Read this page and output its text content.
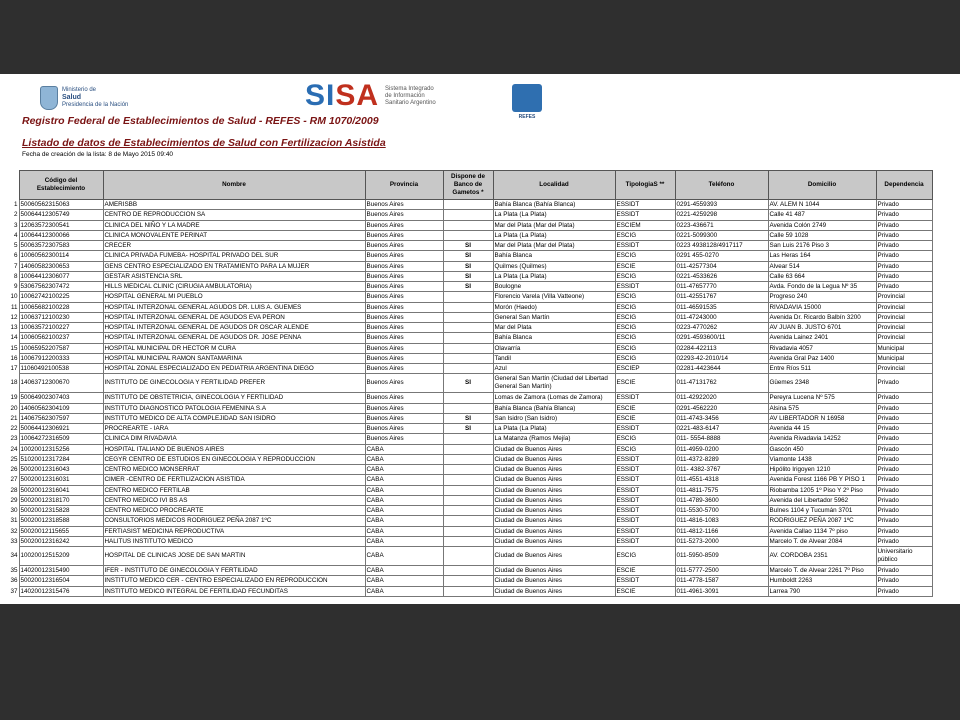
Ministerio de
Salud
Presidencia de la Nación	SISA Sistema Integrado
de Información
Sanitario Argentino
REFES
Registro Federal de Establecimientos de Salud - REFES - RM 1070/2009
Listado de datos de Establecimientos de Salud con Fertilizacion Asistida
Fecha de creación de la lista: 8 de Mayo 2015 09:40
	Código del Establecimiento	Nombre	Provincia	Dispone de Banco de Gametos *	Localidad	TipologiaS **	Teléfono	Domicilio	Dependencia
1	50060562315063	AMERISBB	Buenos Aires		Bahía Blanca (Bahía Blanca)	ESSIDT	0291-4559393	AV. ALEM N 1044	Privado
2	50064412305749	CENTRO DE REPRODUCCION SA	Buenos Aires		La Plata (La Plata)	ESSIDT	0221-4259298	Calle 41 487	Privado
3	12063572300541	CLINICA DEL NIÑO Y LA MADRE	Buenos Aires		Mar del Plata (Mar del Plata)	ESCIEM	0223-436671	Avenida Colón 2749	Privado
4	10064412300066	CLINICA MONOVALENTE PERINAT	Buenos Aires		La Plata (La Plata)	ESCIG	0221-5099300	Calle 59 1028	Privado
5	50063572307583	CRECER	Buenos Aires	SI	Mar del Plata (Mar del Plata)	ESSIDT	0223 4938128/4917117	San Luis 2176 Piso 3	Privado
6	10060562300114	CLINICA PRIVADA FUMEBA- HOSPITAL PRIVADO DEL SUR	Buenos Aires	SI	Bahía Blanca	ESCIG	0291 455-0270	Las Heras 164	Privado
7	14060582300653	GENS CENTRO ESPECIALIZADO EN TRATAMIENTO PARA LA MUJER	Buenos Aires	SI	Quilmes (Quilmes)	ESCIE	011-42577304	Alvear 514	Privado
8	10064412306077	GESTAR ASISTENCIA SRL	Buenos Aires	SI	La Plata (La Plata)	ESCIG	0221-4533626	Calle 63 664	Privado
9	53067562307472	HILLS MEDICAL CLINIC (CIRUGIA AMBULATORIA)	Buenos Aires	SI	Boulogne	ESSIDT	011-47657770	Avda. Fondo de la Legua Nº 35	Privado
10	10062742100225	HOSPITAL GENERAL MI PUEBLO	Buenos Aires		Florencio Varela (Villa Vatteone)	ESCIG	011-42551767	Progreso 240	Provincial
11	10065682100228	HOSPITAL INTERZONAL GENERAL AGUDOS DR. LUIS A. GUEMES	Buenos Aires		Morón (Haedo)	ESCIG	011-46591535	RIVADAVIA 15000	Provincial
12	10063712100230	HOSPITAL INTERZONAL GENERAL DE AGUDOS EVA PERON	Buenos Aires		General San Martín	ESCIG	011-47243000	Avenida Dr. Ricardo Balbín 3200	Provincial
13	10063572100227	HOSPITAL INTERZONAL GENERAL DE AGUDOS DR OSCAR ALENDE	Buenos Aires		Mar del Plata	ESCIG	0223-4770262	AV JUAN B. JUSTO 6701	Provincial
14	10060562100237	HOSPITAL INTERZONAL GENERAL DE AGUDOS DR. JOSE PENNA	Buenos Aires		Bahía Blanca	ESCIG	0291-4593600/11	Avenida Lainez 2401	Provincial
15	10065952207587	HOSPITAL MUNICIPAL DR HECTOR M CURA	Buenos Aires		Olavarría	ESCIG	02284-422113	Rivadavia 4057	Municipal
16	10067912200333	HOSPITAL MUNICIPAL RAMON SANTAMARINA	Buenos Aires		Tandil	ESCIG	02293-42-2010/14	Avenida Gral Paz 1400	Municipal
17	11060492100538	HOSPITAL ZONAL ESPECIALIZADO EN PEDIATRIA ARGENTINA DIEGO	Buenos Aires		Azul	ESCIEP	02281-4423644	Entre Ríos 511	Provincial
18	14063712300670	INSTITUTO DE GINECOLOGIA Y FERTILIDAD PREFER	Buenos Aires	SI	General San Martín (Ciudad del Libertad General San Martín)	ESCIE	011-47131762	Güemes 2348	Privado
19	50064902307403	INSTITUTO DE OBSTETRICIA, GINECOLOGIA Y FERTILIDAD	Buenos Aires		Lomas de Zamora (Lomas de Zamora)	ESSIDT	011-42922020	Pereyra Lucena Nº 575	Privado
20	14060562304109	INSTITUTO DIAGNOSTICO PATOLOGIA FEMENINA S.A	Buenos Aires		Bahía Blanca (Bahía Blanca)	ESCIE	0291-4562220	Alsina 575	Privado
21	14067562307597	INSTITUTO MEDICO DE ALTA COMPLEJIDAD SAN ISIDRO	Buenos Aires	SI	San Isidro (San Isidro)	ESCIE	011-4743-3456	AV LIBERTADOR N 16958	Privado
22	50064412306921	PROCREARTE - IARA	Buenos Aires	SI	La Plata (La Plata)	ESSIDT	0221-483-6147	Avenida 44 15	Privado
23	10064272316509	CLINICA DIM RIVADAVIA	Buenos Aires		La Matanza (Ramos Mejía)	ESCIG	011- 5554-8888	Avenida Rivadavia 14252	Privado
24	10020012315256	HOSPITAL ITALIANO DE BUENOS AIRES	CABA		Ciudad de Buenos Aires	ESCIG	011-4959-0200	Gascón 450	Privado
25	51020012317284	CEGYR CENTRO DE ESTUDIOS EN GINECOLOGIA Y REPRODUCCION	CABA		Ciudad de Buenos Aires	ESSIDT	011-4372-8289	Viamonte 1438	Privado
26	50020012316043	CENTRO MEDICO MONSERRAT	CABA		Ciudad de Buenos Aires	ESSIDT	011- 4382-3767	Hipólito Irigoyen 1210	Privado
27	50020012316031	CIMER -CENTRO DE FERTILIZACION ASISTIDA	CABA		Ciudad de Buenos Aires	ESSIDT	011-4551-4318	Avenida Forest 1166 PB Y PISO 1	Privado
28	50020012316041	CENTRO MEDICO FERTILAB	CABA		Ciudad de Buenos Aires	ESSIDT	011-4811-7575	Riobamba 1205 1º Piso Y 2º Piso	Privado
29	50020012318170	CENTRO MEDICO IVI BS AS	CABA		Ciudad de Buenos Aires	ESSIDT	011-4789-3600	Avenida del Libertador 5962	Privado
30	50020012315828	CENTRO MEDICO PROCREARTE	CABA		Ciudad de Buenos Aires	ESSIDT	011-5530-5700	Bulnes 1104 y Tucumán 3701	Privado
31	50020012318588	CONSULTORIOS MEDICOS RODRIGUEZ PEÑA 2087 1ºC	CABA		Ciudad de Buenos Aires	ESSIDT	011-4816-1083	RODRIGUEZ PEÑA 2087 1ºC	Privado
32	50020012115655	FERTIASIST MEDICINA REPRODUCTIVA	CABA		Ciudad de Buenos Aires	ESSIDT	011-4812-1166	Avenida Callao 1134 7º piso	Privado
33	50020012316242	HALITUS INSTITUTO MEDICO	CABA		Ciudad de Buenos Aires	ESSIDT	011-5273-2000	Marcelo T. de Alvear 2084	Privado
34	10020012515209	HOSPITAL DE CLINICAS JOSE DE SAN MARTIN	CABA		Ciudad de Buenos Aires	ESCIG	011-5950-8509	AV. CORDOBA 2351	Universitario público
35	14020012315490	IFER - INSTITUTO DE GINECOLOGIA Y FERTILIDAD	CABA		Ciudad de Buenos Aires	ESCIE	011-5777-2500	Marcelo T. de Alvear 2261 7º Piso	Privado
36	50020012316504	INSTITUTO MEDICO CER - CENTRO ESPECIALIZADO EN REPRODUCCION	CABA		Ciudad de Buenos Aires	ESSIDT	011-4778-1587	Humboldt 2263	Privado
37	14020012315476	INSTITUTO MEDICO INTEGRAL DE FERTILIDAD FECUNDITAS	CABA		Ciudad de Buenos Aires	ESCIE	011-4961-3091	Larrea 790	Privado
